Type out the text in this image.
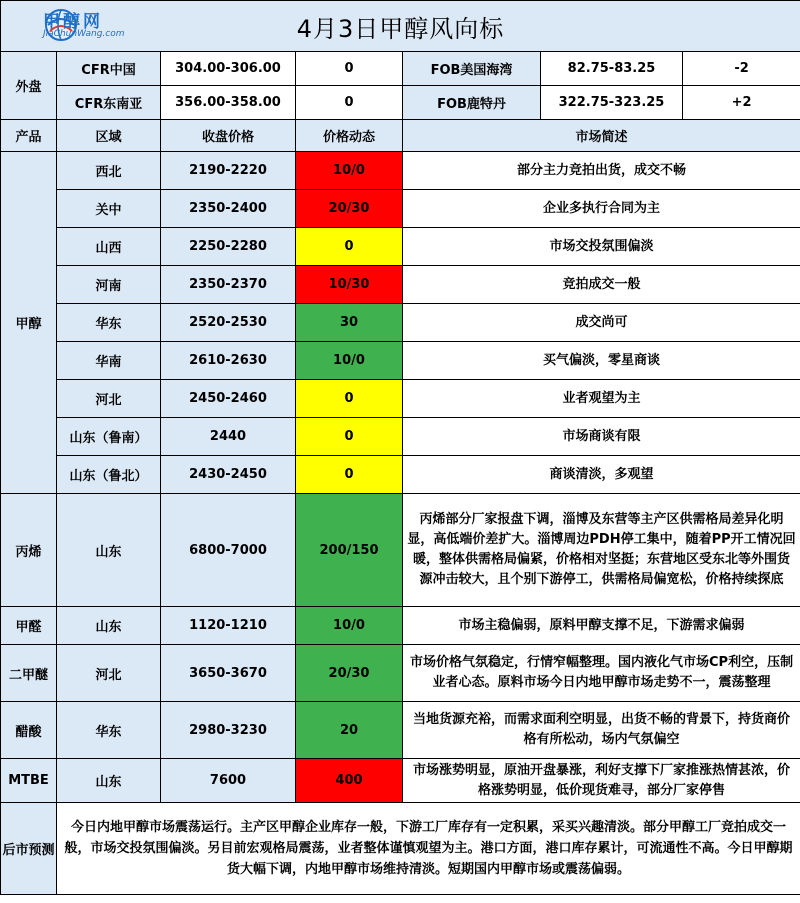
甲醇网
JiaChunWang.com 4月3日甲醇风向标						
外盘	CFR中国	304.00-306.00	0	FOB美国海湾	82.75-83.25	-2
	CFR东南亚	356.00-358.00	0	FOB鹿特丹	322.75-323.25	+2
产品	区域	收盘价格	价格动态	市场简述		
甲醇	西北	2190-2220	10/0	部分主力竞拍出货，成交不畅		
	关中	2350-2400	20/30	企业多执行合同为主		
	山西	2250-2280	0	市场交投氛围偏淡		
	河南	2350-2370	10/30	竞拍成交一般		
	华东	2520-2530	30	成交尚可		
	华南	2610-2630	10/0	买气偏淡，零星商谈		
	河北	2450-2460	0	业者观望为主		
	山东（鲁南）	2440	0	市场商谈有限		
	山东（鲁北）	2430-2450	0	商谈清淡，多观望		
丙烯	山东	6800-7000	200/150	丙烯部分厂家报盘下调，淄博及东营等主产区供需格局差异化明显，高低端价差扩大。淄博周边PDH停工集中，随着PP开工情况回暖，整体供需格局偏紧，价格相对坚挺；东营地区受东北等外围货源冲击较大，且个别下游停工，供需格局偏宽松，价格持续探底		
甲醛	山东	1120-1210	10/0	市场主稳偏弱，原料甲醇支撑不足，下游需求偏弱		
二甲醚	河北	3650-3670	20/30	市场价格气氛稳定，行情窄幅整理。国内液化气市场CP利空，压制业者心态。原料市场今日内地甲醇市场走势不一，震荡整理		
醋酸	华东	2980-3230	20	当地货源充裕，而需求面利空明显，出货不畅的背景下，持货商价格有所松动，场内气氛偏空		
MTBE	山东	7600	400	市场涨势明显，原油开盘暴涨，利好支撑下厂家推涨热情甚浓，价格涨势明显，低价现货难寻，部分厂家停售		
后市预测	今日内地甲醇市场震荡运行。主产区甲醇企业库存一般，下游工厂库存有一定积累，采买兴趣清淡。部分甲醇工厂竞拍成交一般，市场交投氛围偏淡。另目前宏观格局震荡，业者整体谨慎观望为主。港口方面，港口库存累计，可流通性不高。今日甲醇期货大幅下调，内地甲醇市场维持清淡。短期国内甲醇市场或震荡偏弱。					
